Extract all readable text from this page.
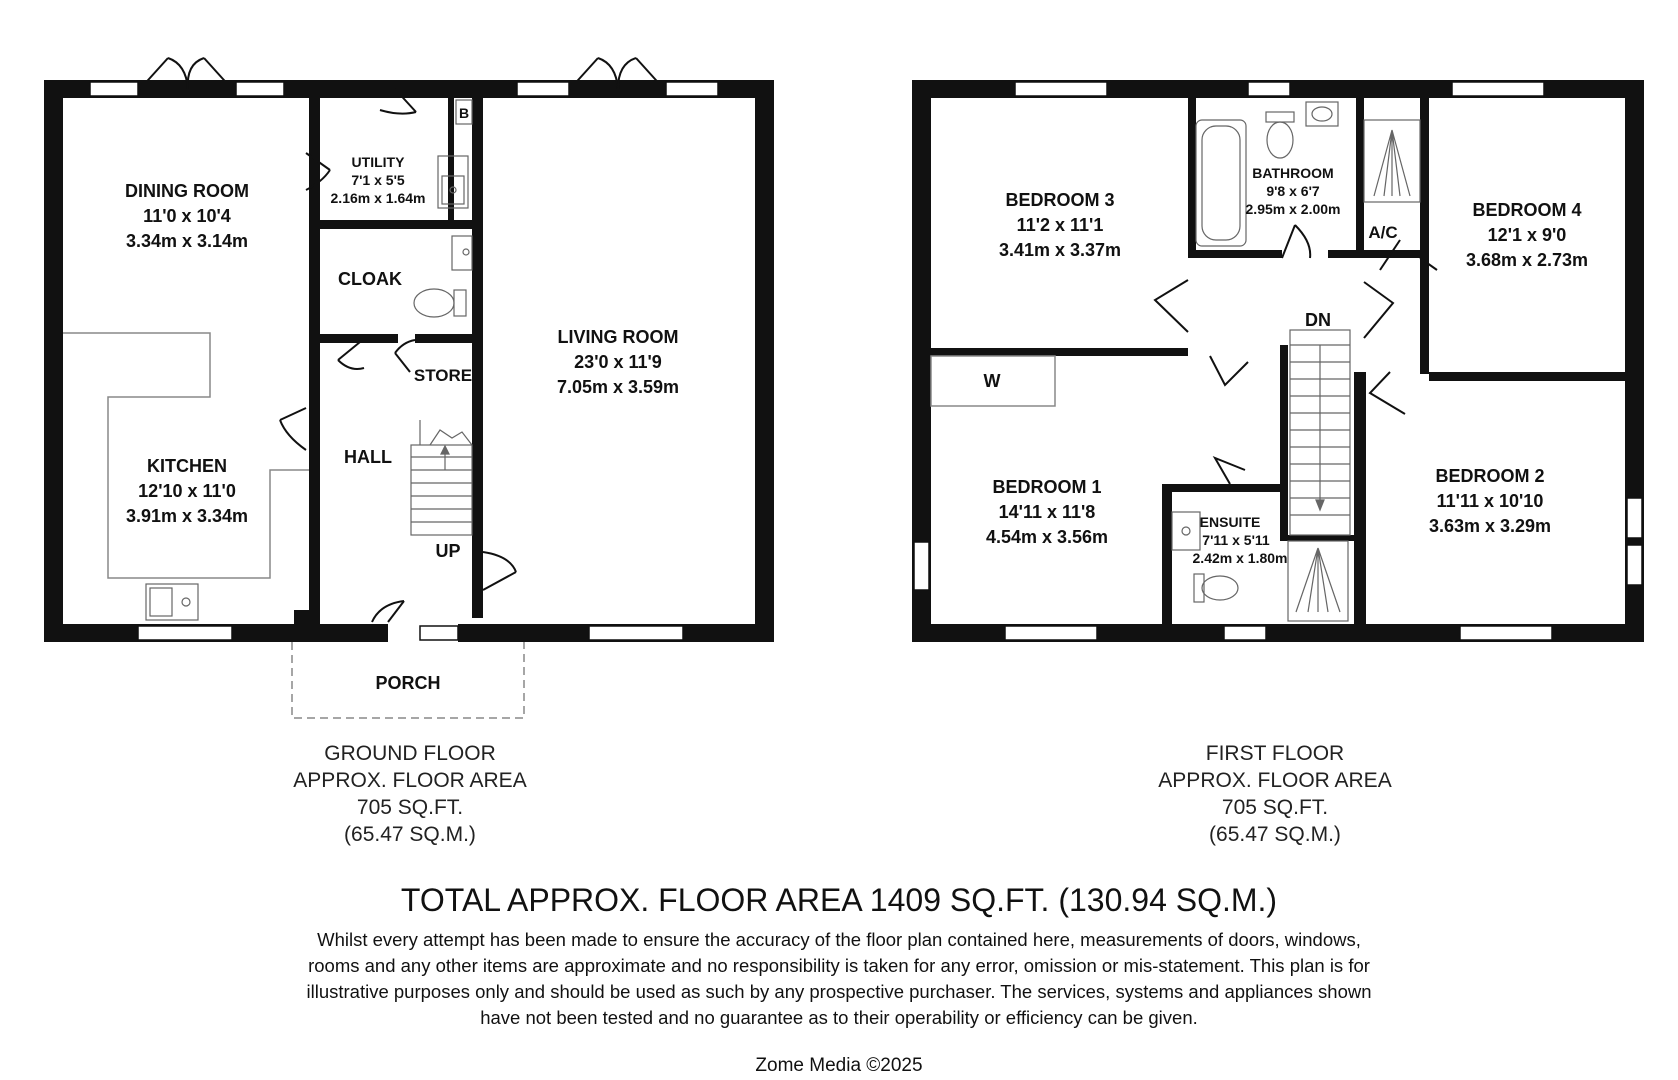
DINING ROOM
11'0 x 10'4
3.34m x 3.14m
KITCHEN
12'10 x 11'0
3.91m x 3.34m
UTILITY
7'1 x 5'5
2.16m x 1.64m
B
CLOAK
STORE
HALL
UP
LIVING ROOM
23'0 x 11'9
7.05m x 3.59m
PORCH
BEDROOM 3
11'2 x 11'1
3.41m x 3.37m
BATHROOM
9'8 x 6'7
2.95m x 2.00m	BEDROOM 4
12'1 x 9'0
3.68m x 2.73m
A/C
DN
W
BEDROOM 1
14'11 x 11'8
4.54m x 3.56m
ENSUITE
7'11 x 5'11
2.42m x 1.80m
BEDROOM 2
11'11 x 10'10
3.63m x 3.29m
GROUND FLOOR
APPROX. FLOOR AREA
705 SQ.FT.
(65.47 SQ.M.)
FIRST FLOOR
APPROX. FLOOR AREA
705 SQ.FT.
(65.47 SQ.M.)
TOTAL APPROX. FLOOR AREA 1409 SQ.FT. (130.94 SQ.M.)
Whilst every attempt has been made to ensure the accuracy of the floor plan contained here, measurements of doors, windows, rooms and any other items are approximate and no responsibility is taken for any error, omission or mis-statement. This plan is for illustrative purposes only and should be used as such by any prospective purchaser. The services, systems and appliances shown have not been tested and no guarantee as to their operability or efficiency can be given.
Zome Media ©2025
